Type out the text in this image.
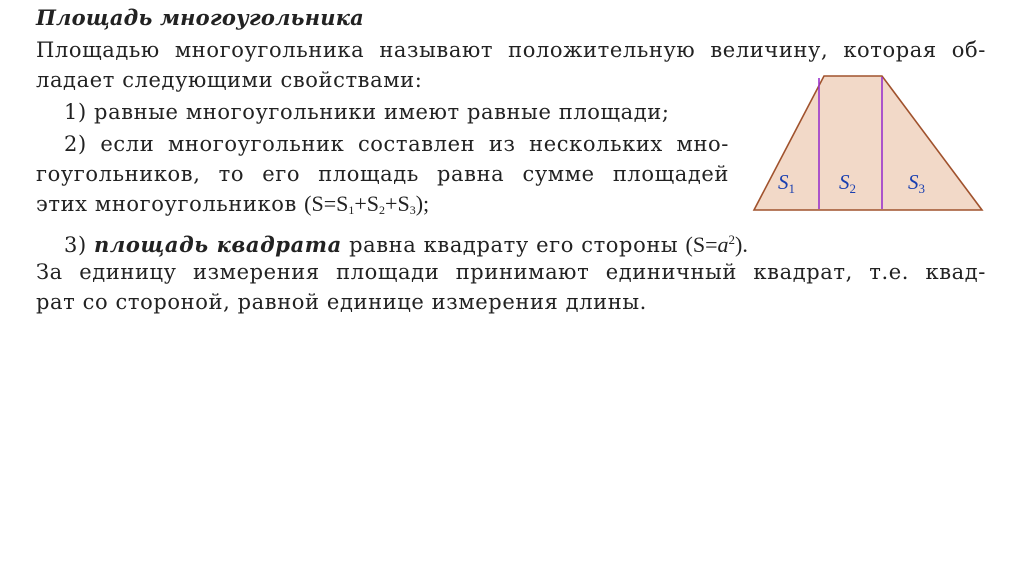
Площадь многоугольника
Площадью многоугольника называют положительную величину, которая об-
ладает следующими свойствами:
1) равные многоугольники имеют равные площади;
2) если многоугольник составлен из нескольких мно-
гоугольников, то его площадь равна сумме площадей
этих многоугольников $(S=S_1+S_2+S_3)$;
3) площадь квадрата равна квадрату его стороны $(S=a^2)$.
За единицу измерения площади принимают единичный квадрат, т.е. квад-
рат со стороной, равной единице измерения длины.
S1 S2 S3
